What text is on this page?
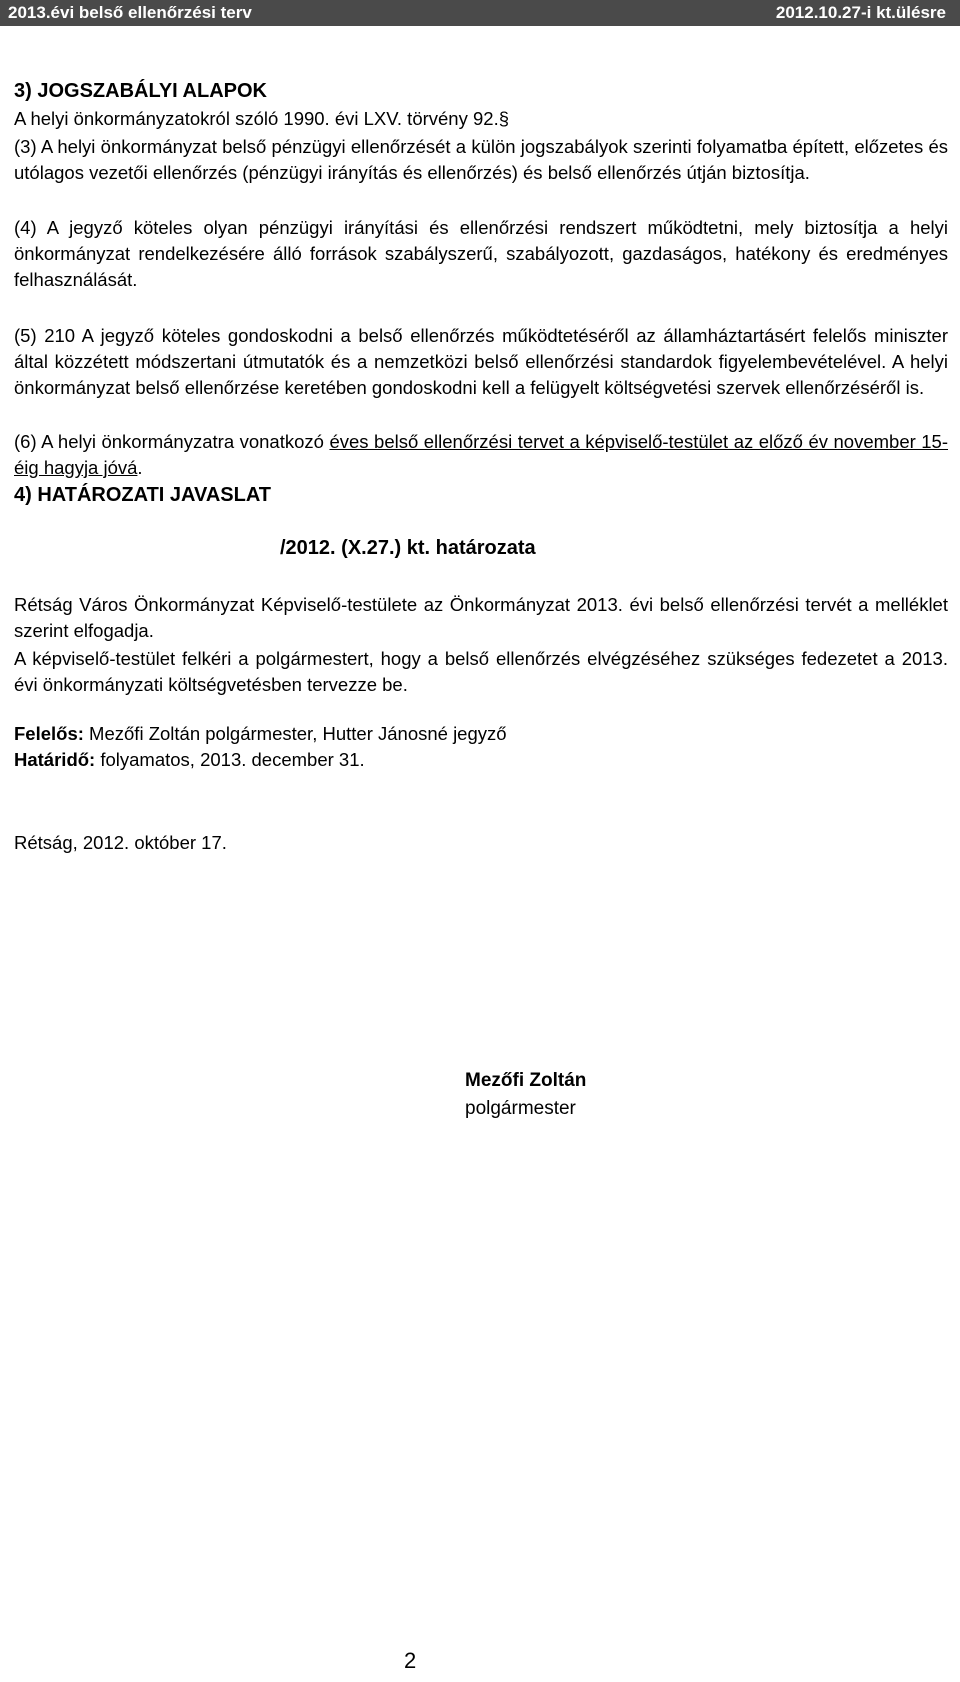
2013.évi belső ellenőrzési terv	2012.10.27-i kt.ülésre
3) JOGSZABÁLYI ALAPOK
A helyi önkormányzatokról szóló 1990. évi LXV. törvény 92.§

(3) A helyi önkormányzat belső pénzügyi ellenőrzését a külön jogszabályok szerinti folyamatba épített, előzetes és utólagos vezetői ellenőrzés (pénzügyi irányítás és ellenőrzés) és belső ellenőrzés útján biztosítja.

(4) A jegyző köteles olyan pénzügyi irányítási és ellenőrzési rendszert működtetni, mely biztosítja a helyi önkormányzat rendelkezésére álló források szabályszerű, szabályozott, gazdaságos, hatékony és eredményes felhasználását.

(5) 210 A jegyző köteles gondoskodni a belső ellenőrzés működtetéséről az államháztartásért felelős miniszter által közzétett módszertani útmutatók és a nemzetközi belső ellenőrzési standardok figyelembevételével. A helyi önkormányzat belső ellenőrzése keretében gondoskodni kell a felügyelt költségvetési szervek ellenőrzéséről is.

(6) A helyi önkormányzatra vonatkozó éves belső ellenőrzési tervet a képviselő-testület az előző év november 15-éig hagyja jóvá.

4) HATÁROZATI JAVASLAT

Rétság Város Önkormányzat Képviselő-testülete az Önkormányzat 2013. évi belső ellenőrzési tervét a melléklet szerint elfogadja.

A képviselő-testület felkéri a polgármestert, hogy a belső ellenőrzés elvégzéséhez szükséges fedezetet a 2013. évi önkormányzati költségvetésben tervezze be.

Felelős: Mezőfi Zoltán polgármester, Hutter Jánosné jegyző
Határidő: folyamatos, 2013. december 31.
Rétság, 2012. október 17.
/2012. (X.27.) kt. határozata
Mezőfi Zoltán
polgármester
2
